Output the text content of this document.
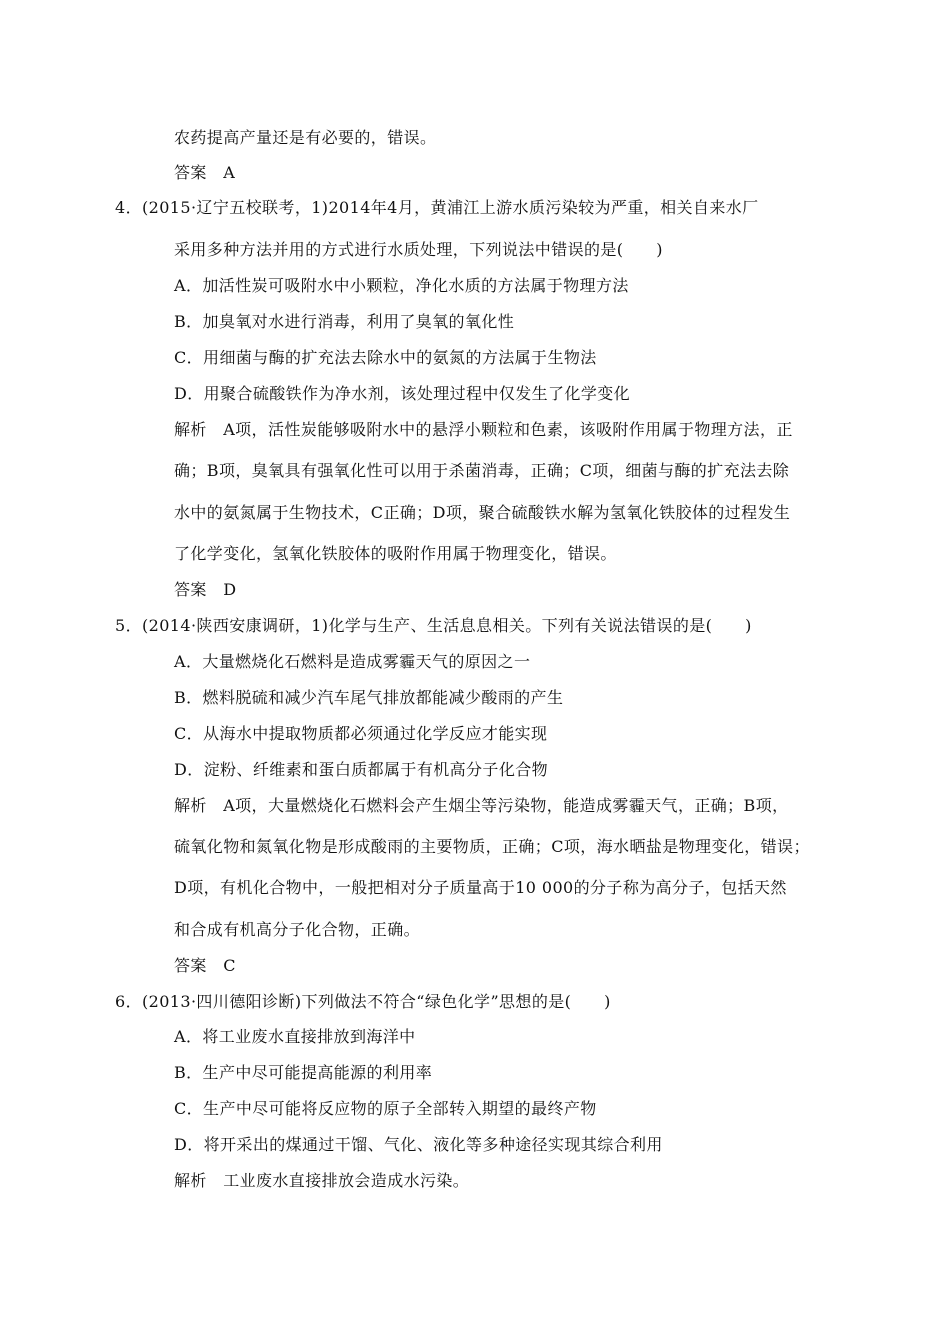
农药提高产量还是有必要的，错误。
答案　A
4．(2015·辽宁五校联考，1)2014年4月，黄浦江上游水质污染较为严重，相关自来水厂
采用多种方法并用的方式进行水质处理，下列说法中错误的是(　　)
A．加活性炭可吸附水中小颗粒，净化水质的方法属于物理方法
B．加臭氧对水进行消毒，利用了臭氧的氧化性
C．用细菌与酶的扩充法去除水中的氨氮的方法属于生物法
D．用聚合硫酸铁作为净水剂，该处理过程中仅发生了化学变化
解析　A项，活性炭能够吸附水中的悬浮小颗粒和色素，该吸附作用属于物理方法，正
确；B项，臭氧具有强氧化性可以用于杀菌消毒，正确；C项，细菌与酶的扩充法去除
水中的氨氮属于生物技术，C正确；D项，聚合硫酸铁水解为氢氧化铁胶体的过程发生
了化学变化，氢氧化铁胶体的吸附作用属于物理变化，错误。
答案　D
5．(2014·陕西安康调研，1)化学与生产、生活息息相关。下列有关说法错误的是(　　)
A．大量燃烧化石燃料是造成雾霾天气的原因之一
B．燃料脱硫和减少汽车尾气排放都能减少酸雨的产生
C．从海水中提取物质都必须通过化学反应才能实现
D．淀粉、纤维素和蛋白质都属于有机高分子化合物
解析　A项，大量燃烧化石燃料会产生烟尘等污染物，能造成雾霾天气，正确；B项，
硫氧化物和氮氧化物是形成酸雨的主要物质，正确；C项，海水晒盐是物理变化，错误；
D项，有机化合物中，一般把相对分子质量高于10 000的分子称为高分子，包括天然
和合成有机高分子化合物，正确。
答案　C
6．(2013·四川德阳诊断)下列做法不符合“绿色化学”思想的是(　　)
A．将工业废水直接排放到海洋中
B．生产中尽可能提高能源的利用率
C．生产中尽可能将反应物的原子全部转入期望的最终产物
D．将开采出的煤通过干馏、气化、液化等多种途径实现其综合利用
解析　工业废水直接排放会造成水污染。
